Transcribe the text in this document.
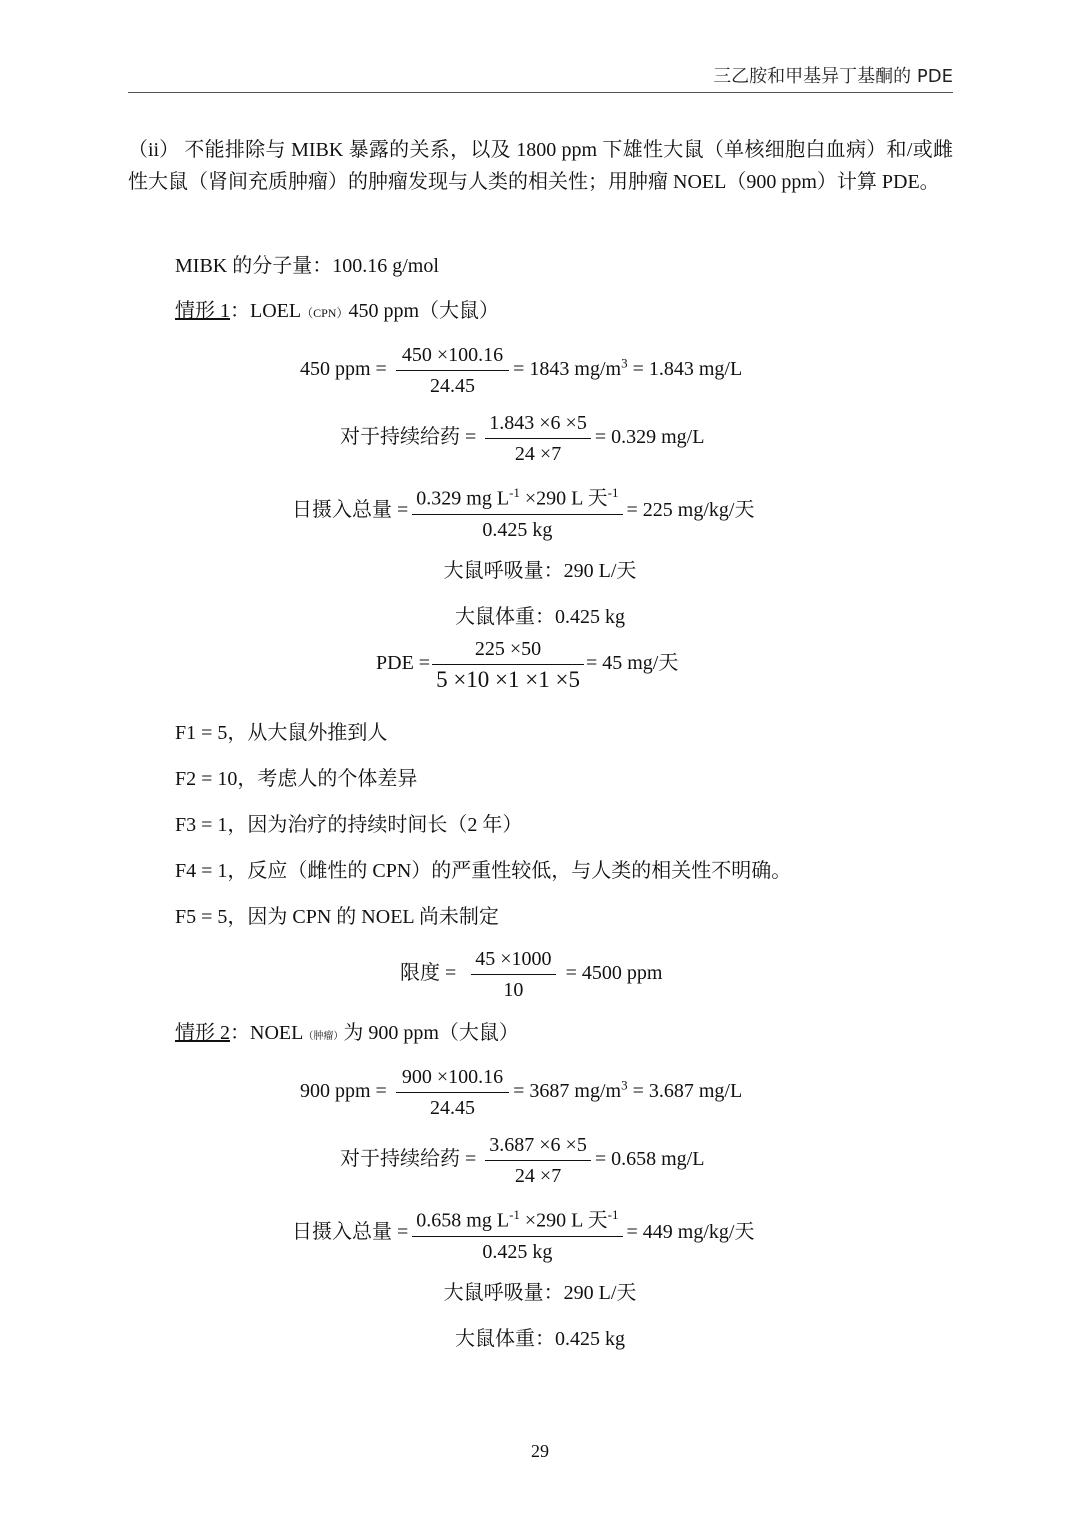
三乙胺和甲基异丁基酮的 PDE
（ii） 不能排除与 MIBK 暴露的关系，以及 1800 ppm 下雄性大鼠（单核细胞白血病）和/或雌性大鼠（肾间充质肿瘤）的肿瘤发现与人类的相关性；用肿瘤 NOEL（900 ppm）计算 PDE。
MIBK 的分子量：100.16 g/mol
情形 1：LOEL（CPN）450 ppm（大鼠）
450 ppm = $\frac{450 \times 100.16}{24.45} = 1843$ $mg/m^3 = 1.843$ mg/L
对于持续给药 = $\frac{1.843 \times 6 \times 5}{24 \times 7} = 0.329$ mg/L
日摄入总量 = $\frac{0.329 mg L^{-1} \times 290 L 天^{-1}}{0.425 kg} = 225$ mg/kg/天
大鼠呼吸量：290 L/天
大鼠体重：0.425 kg
PDE = $\frac{225 \times 50}{5 \times 10 \times 1 \times 1 \times 5} = 45$ mg/天
F1 = 5，从大鼠外推到人
F2 = 10，考虑人的个体差异
F3 = 1，因为治疗的持续时间长（2 年）
F4 = 1，反应（雌性的 CPN）的严重性较低，与人类的相关性不明确。
F5 = 5，因为 CPN 的 NOEL 尚未制定
限度 = $\frac{45 \times 1000}{10} = 4500$ ppm
情形 2：NOEL（肿瘤）为 900 ppm（大鼠）
900 ppm = $\frac{900 \times 100.16}{24.45} = 3687$ $mg/m^3 = 3.687$ mg/L
对于持续给药 = $\frac{3.687 \times 6 \times 5}{24 \times 7} = 0.658$ mg/L
日摄入总量 = $\frac{0.658 mg L^{-1} \times 290 L 天^{-1}}{0.425 kg} = 449$ mg/kg/天
大鼠呼吸量：290 L/天
大鼠体重：0.425 kg
29
